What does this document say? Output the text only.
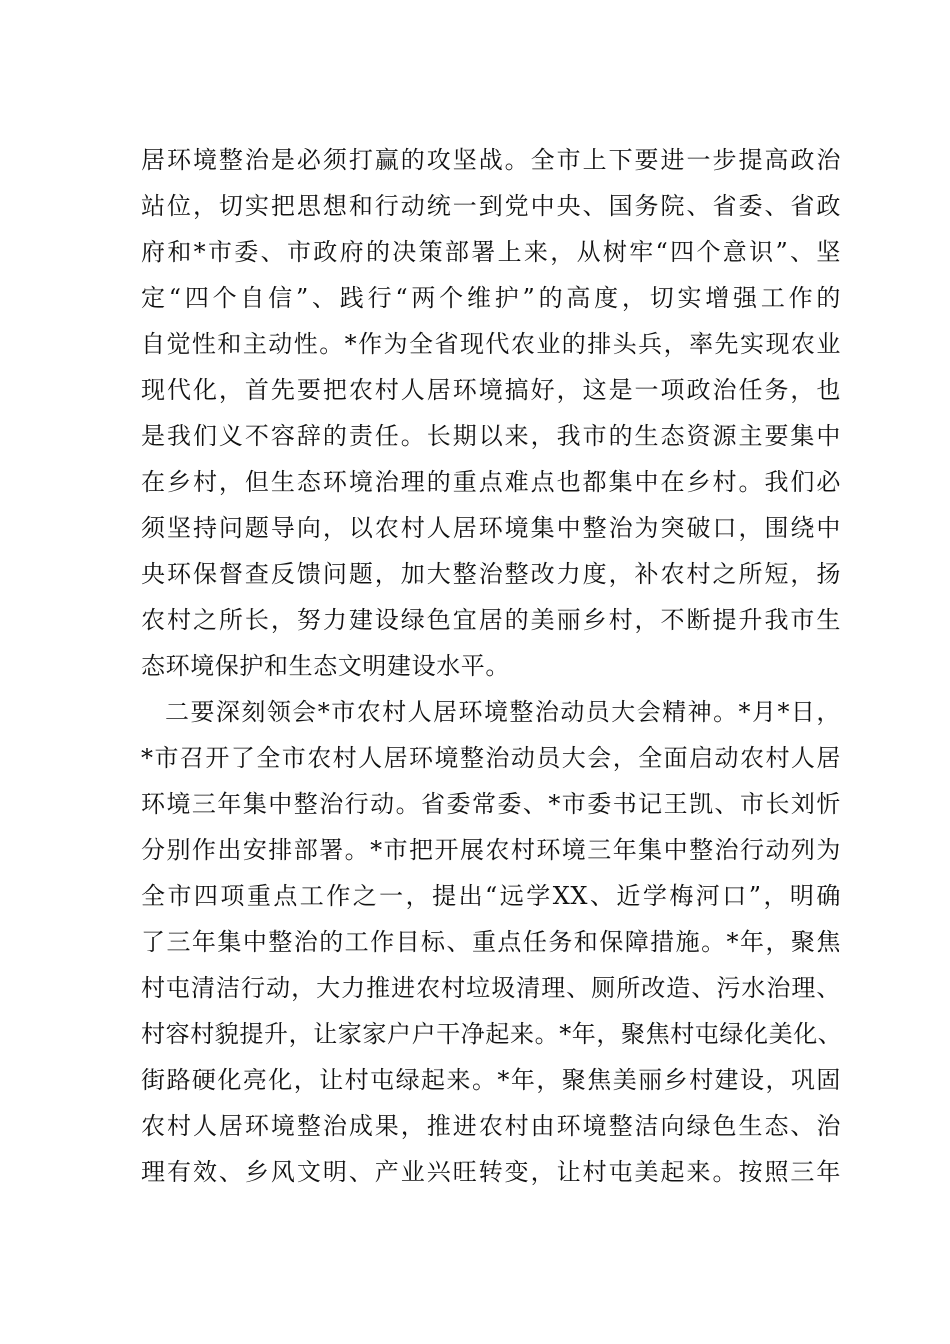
居环境整治是必须打赢的攻坚战。全市上下要进一步提高政治
站位，切实把思想和行动统一到党中央、国务院、省委、省政
府和*市委、市政府的决策部署上来，从树牢“四个意识”、坚
定“四个自信”、践行“两个维护”的高度，切实增强工作的
自觉性和主动性。*作为全省现代农业的排头兵，率先实现农业
现代化，首先要把农村人居环境搞好，这是一项政治任务，也
是我们义不容辞的责任。长期以来，我市的生态资源主要集中
在乡村，但生态环境治理的重点难点也都集中在乡村。我们必
须坚持问题导向，以农村人居环境集中整治为突破口，围绕中
央环保督查反馈问题，加大整治整改力度，补农村之所短，扬
农村之所长，努力建设绿色宜居的美丽乡村，不断提升我市生
态环境保护和生态文明建设水平。
二要深刻领会*市农村人居环境整治动员大会精神。*月*日，
*市召开了全市农村人居环境整治动员大会，全面启动农村人居
环境三年集中整治行动。省委常委、*市委书记王凯、市长刘忻
分别作出安排部署。*市把开展农村环境三年集中整治行动列为
全市四项重点工作之一，提出“远学XX、近学梅河口”，明确
了三年集中整治的工作目标、重点任务和保障措施。*年，聚焦
村屯清洁行动，大力推进农村垃圾清理、厕所改造、污水治理、
村容村貌提升，让家家户户干净起来。*年，聚焦村屯绿化美化、
街路硬化亮化，让村屯绿起来。*年，聚焦美丽乡村建设，巩固
农村人居环境整治成果，推进农村由环境整洁向绿色生态、治
理有效、乡风文明、产业兴旺转变，让村屯美起来。按照三年
